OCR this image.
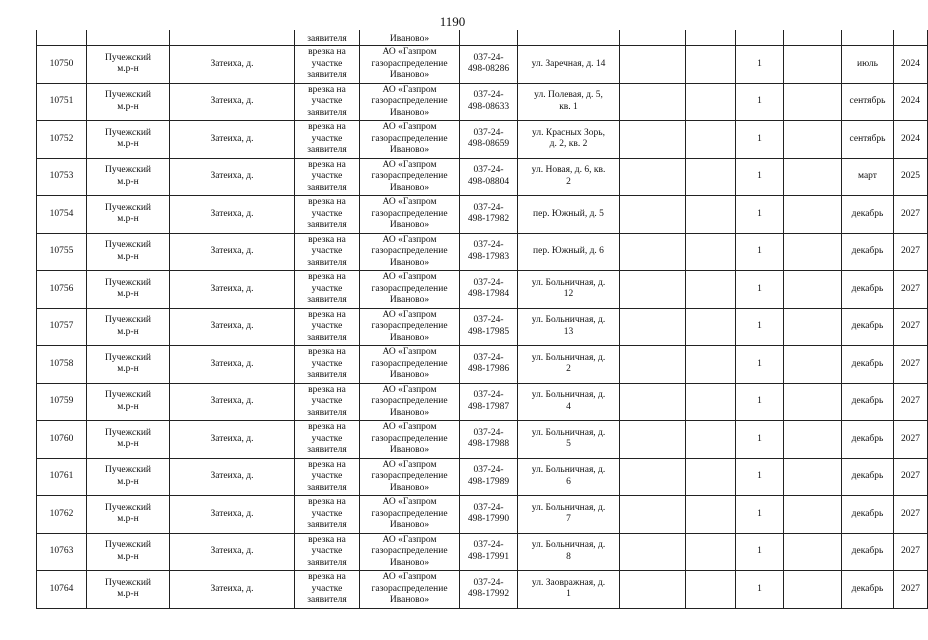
1190
			заявителя	Иваново»								
10750	Пучежский
м.р-н	Затеиха, д.	врезка на
участке
заявителя	АО «Газпром
газораспределение
Иваново»	037-24-
498-08286	ул. Заречная, д. 14			1		июль	2024
10751	Пучежский
м.р-н	Затеиха, д.	врезка на
участке
заявителя	АО «Газпром
газораспределение
Иваново»	037-24-
498-08633	ул. Полевая, д. 5,
кв. 1			1		сентябрь	2024
10752	Пучежский
м.р-н	Затеиха, д.	врезка на
участке
заявителя	АО «Газпром
газораспределение
Иваново»	037-24-
498-08659	ул. Красных Зорь,
д. 2, кв. 2			1		сентябрь	2024
10753	Пучежский
м.р-н	Затеиха, д.	врезка на
участке
заявителя	АО «Газпром
газораспределение
Иваново»	037-24-
498-08804	ул. Новая, д. 6, кв.
2			1		март	2025
10754	Пучежский
м.р-н	Затеиха, д.	врезка на
участке
заявителя	АО «Газпром
газораспределение
Иваново»	037-24-
498-17982	пер. Южный, д. 5			1		декабрь	2027
10755	Пучежский
м.р-н	Затеиха, д.	врезка на
участке
заявителя	АО «Газпром
газораспределение
Иваново»	037-24-
498-17983	пер. Южный, д. 6			1		декабрь	2027
10756	Пучежский
м.р-н	Затеиха, д.	врезка на
участке
заявителя	АО «Газпром
газораспределение
Иваново»	037-24-
498-17984	ул. Больничная, д.
12			1		декабрь	2027
10757	Пучежский
м.р-н	Затеиха, д.	врезка на
участке
заявителя	АО «Газпром
газораспределение
Иваново»	037-24-
498-17985	ул. Больничная, д.
13			1		декабрь	2027
10758	Пучежский
м.р-н	Затеиха, д.	врезка на
участке
заявителя	АО «Газпром
газораспределение
Иваново»	037-24-
498-17986	ул. Больничная, д.
2			1		декабрь	2027
10759	Пучежский
м.р-н	Затеиха, д.	врезка на
участке
заявителя	АО «Газпром
газораспределение
Иваново»	037-24-
498-17987	ул. Больничная, д.
4			1		декабрь	2027
10760	Пучежский
м.р-н	Затеиха, д.	врезка на
участке
заявителя	АО «Газпром
газораспределение
Иваново»	037-24-
498-17988	ул. Больничная, д.
5			1		декабрь	2027
10761	Пучежский
м.р-н	Затеиха, д.	врезка на
участке
заявителя	АО «Газпром
газораспределение
Иваново»	037-24-
498-17989	ул. Больничная, д.
6			1		декабрь	2027
10762	Пучежский
м.р-н	Затеиха, д.	врезка на
участке
заявителя	АО «Газпром
газораспределение
Иваново»	037-24-
498-17990	ул. Больничная, д.
7			1		декабрь	2027
10763	Пучежский
м.р-н	Затеиха, д.	врезка на
участке
заявителя	АО «Газпром
газораспределение
Иваново»	037-24-
498-17991	ул. Больничная, д.
8			1		декабрь	2027
10764	Пучежский
м.р-н	Затеиха, д.	врезка на
участке
заявителя	АО «Газпром
газораспределение
Иваново»	037-24-
498-17992	ул. Заовражная, д.
1			1		декабрь	2027
